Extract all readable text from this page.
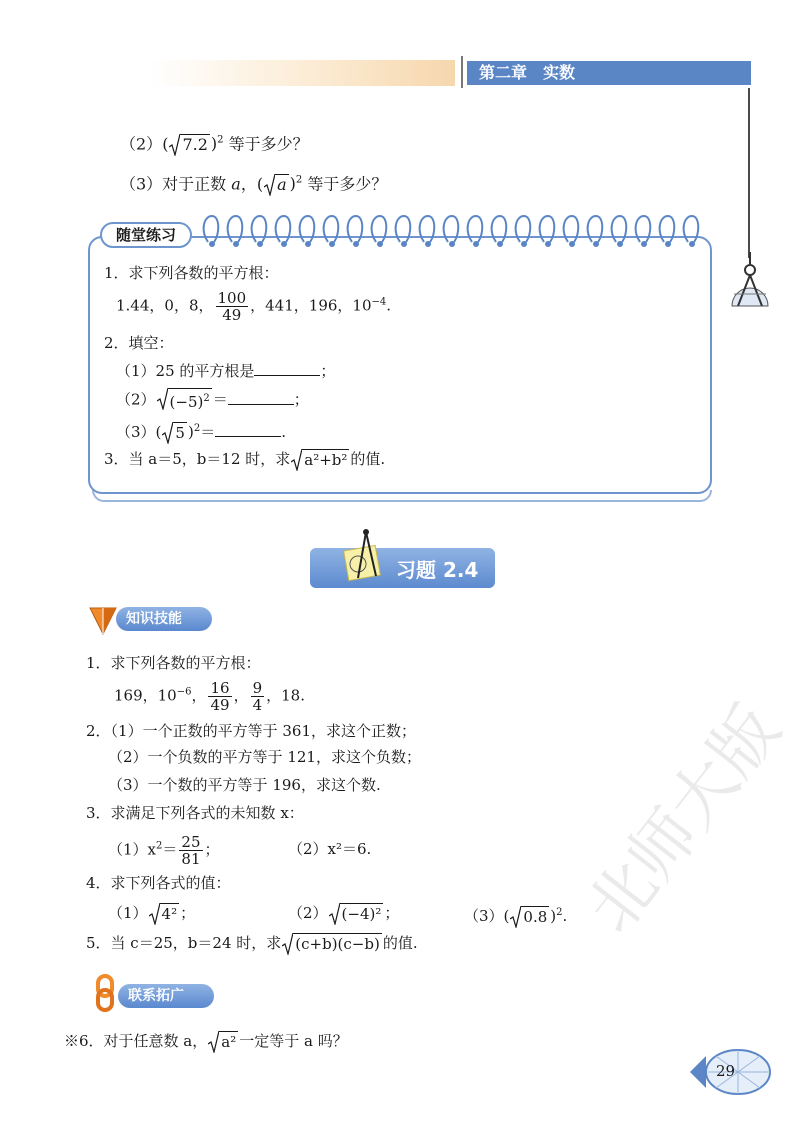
第二章　实数
（2）( 7.2 )$^2$ 等于多少？
（3）对于正数 a，( a )$^2$ 等于多少？
随堂练习
1．求下列各数的平方根：
1.44，0，8， $\frac{100}{49}$ ，441，196，$10^{-4}$.
2．填空：
（1）25 的平方根是	；
（2） $(-5)^2$ ＝	；
（3）( 5 )$^2$＝	.
3．当 a＝5，b＝12 时，求 a²+b² 的值.
习题 2.4
知识技能
1．求下列各数的平方根：
169，$10^{-6}$， $\frac{16}{49}$ ， $\frac{9}{4}$ ，18.
2．（1）一个正数的平方等于 361，求这个正数；
（2）一个负数的平方等于 121，求这个负数；
（3）一个数的平方等于 196，求这个数.
3．求满足下列各式的未知数 x：
$(1)x^2= \frac{25}{81}$ ；	（2）x²＝6.
4．求下列各式的值：
（1） 4² ；	（2） (−4)² ；	（3）( 0.8 )$^2$.
5．当 c＝25，b＝24 时，求 (c+b)(c−b) 的值.
联系拓广
※6．对于任意数 a， a² 一定等于 a 吗？
北师大版
29
